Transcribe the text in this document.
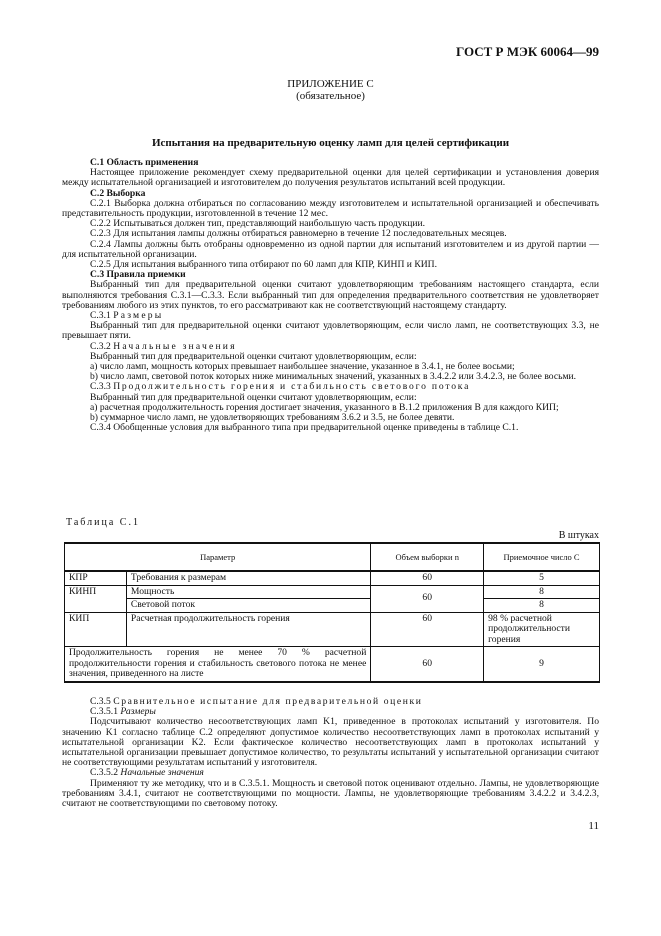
ГОСТ Р МЭК 60064—99
ПРИЛОЖЕНИЕ С
(обязательное)
Испытания на предварительную оценку ламп для целей сертификации

С.1 Область применения

Настоящее приложение рекомендует схему предварительной оценки для целей сертификации и установления доверия между испытательной организацией и изготовителем до получения результатов испытаний всей продукции.

С.2 Выборка

С.2.1 Выборка должна отбираться по согласованию между изготовителем и испытательной организацией и обеспечивать представительность продукции, изготовленной в течение 12 мес.

С.2.2 Испытываться должен тип, представляющий наибольшую часть продукции.

С.2.3 Для испытания лампы должны отбираться равномерно в течение 12 последовательных месяцев.

С.2.4 Лампы должны быть отобраны одновременно из одной партии для испытаний изготовителем и из другой партии — для испытательной организации.

С.2.5 Для испытания выбранного типа отбирают по 60 ламп для КПР, КИНП и КИП.

С.3 Правила приемки

Выбранный тип для предварительной оценки считают удовлетворяющим требованиям настоящего стандарта, если выполняются требования С.3.1—С.3.3. Если выбранный тип для определения предварительного соответствия не удовлетворяет требованиям любого из этих пунктов, то его рассматривают как не соответствующий настоящему стандарту.

С.3.1 Размеры

Выбранный тип для предварительной оценки считают удовлетворяющим, если число ламп, не соответствующих 3.3, не превышает пяти.

С.3.2 Начальные значения

Выбранный тип для предварительной оценки считают удовлетворяющим, если:

а) число ламп, мощность которых превышает наибольшее значение, указанное в 3.4.1, не более восьми;

b) число ламп, световой поток которых ниже минимальных значений, указанных в 3.4.2.2 или 3.4.2.3, не более восьми.

С.3.3 Продолжительность горения и стабильность светового потока

Выбранный тип для предварительной оценки считают удовлетворяющим, если:

а) расчетная продолжительность горения достигает значения, указанного в В.1.2 приложения В для каждого КИП;

b) суммарное число ламп, не удовлетворяющих требованиям 3.6.2 и 3.5, не более девяти.

С.3.4 Обобщенные условия для выбранного типа при предварительной оценке приведены в таблице С.1.

Таблица С.1
В штуках
Параметр		Объем выборки n	Приемочное число C
КПР	Требования к размерам	60	5
КИНП	Мощность	60	8
	Световой поток		8
КИП	Расчетная продолжительность горения	60	98 % расчетной продолжительности горения
Продолжительность горения не менее 70 % расчетной продолжительности горения и стабильность светового потока не менее значения, приведенного на листе		60	9

С.3.5 Сравнительное испытание для предварительной оценки

С.3.5.1 Размеры

Подсчитывают количество несоответствующих ламп K1, приведенное в протоколах испытаний у изготовителя. По значению K1 согласно таблице С.2 определяют допустимое количество несоответствующих ламп в протоколах испытаний у испытательной организации K2. Если фактическое количество несоответствующих ламп в протоколах испытаний у испытательной организации превышает допустимое количество, то результаты испытаний у испытательной организации считают не соответствующими результатам испытаний у изготовителя.

С.3.5.2 Начальные значения

Применяют ту же методику, что и в С.3.5.1. Мощность и световой поток оценивают отдельно. Лампы, не удовлетворяющие требованиям 3.4.1, считают не соответствующими по мощности. Лампы, не удовлетворяющие требованиям 3.4.2.2 и 3.4.2.3, считают не соответствующими по световому потоку.

11
